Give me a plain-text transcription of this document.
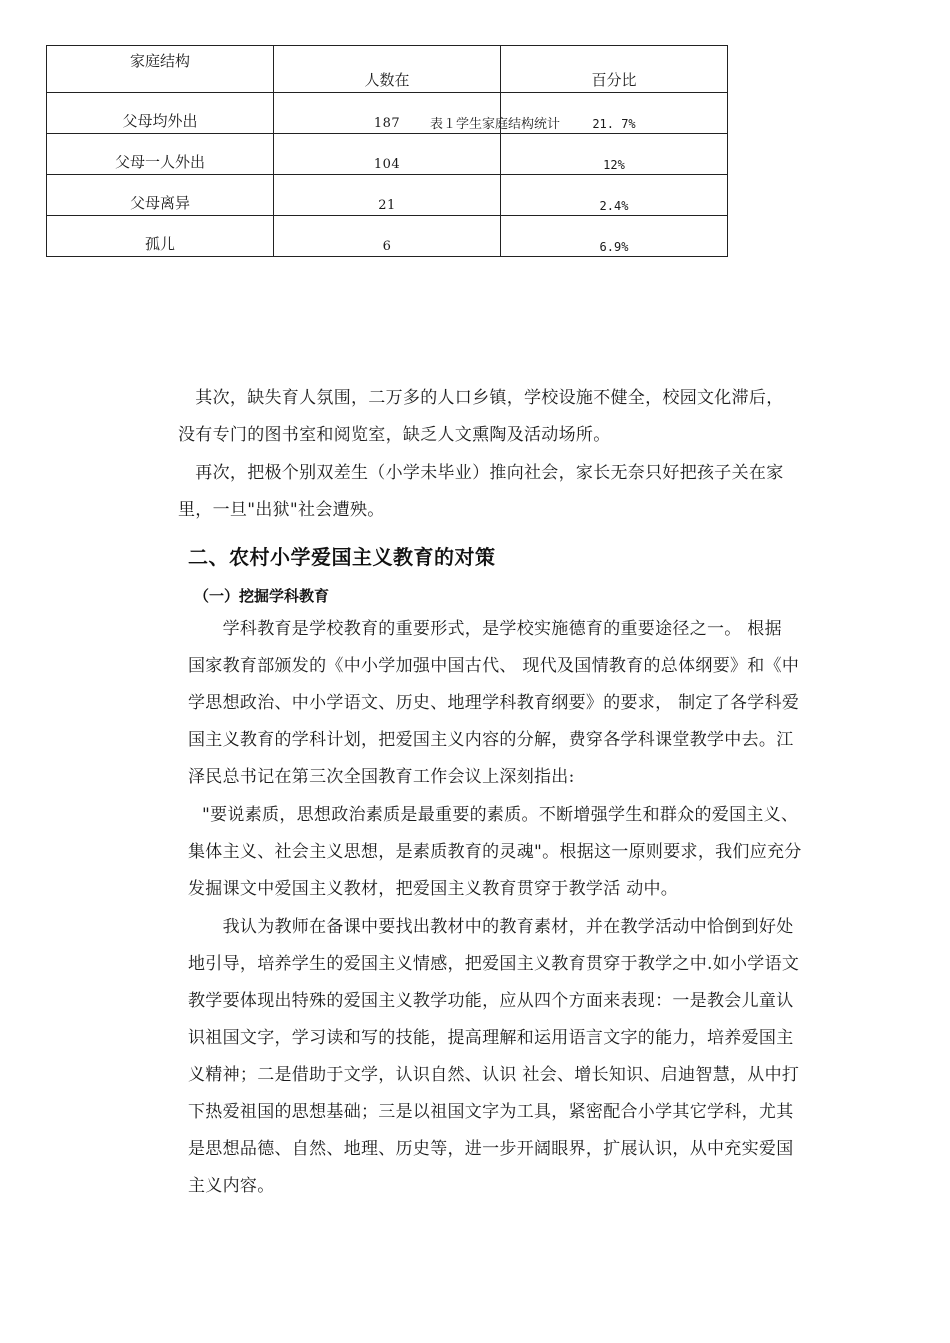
家庭结构	人数在	百分比
父母均外出	187	21. 7%
父母一人外出	104	12%
父母离异	21	2.4%
孤儿	6	6.9%
表１学生家庭结构统计
　其次，缺失育人氛围，二万多的人口乡镇，学校设施不健全，校园文化滞后，
没有专门的图书室和阅览室，缺乏人文熏陶及活动场所。
　再次，把极个别双差生（小学未毕业）推向社会，家长无奈只好把孩子关在家
里，一旦"出狱"社会遭殃。
二、农村小学爱国主义教育的对策
（一）挖掘学科教育
　　学科教育是学校教育的重要形式，是学校实施德育的重要途径之一。 根据
国家教育部颁发的《中小学加强中国古代、 现代及国情教育的总体纲要》和《中
学思想政治、中小学语文、历史、地理学科教育纲要》的要求， 制定了各学科爱
国主义教育的学科计划，把爱国主义内容的分解，费穿各学科课堂教学中去。江
泽民总书记在第三次全国教育工作会议上深刻指出:
"要说素质，思想政治素质是最重要的素质。不断增强学生和群众的爱国主义、
集体主义、社会主义思想，是素质教育的灵魂"。根据这一原则要求，我们应充分
发掘课文中爱国主义教材，把爱国主义教育贯穿于教学活 动中。
　　我认为教师在备课中要找出教材中的教育素材，并在教学活动中恰倒到好处
地引导，培养学生的爱国主义情感，把爱国主义教育贯穿于教学之中.如小学语文
教学要体现出特殊的爱国主义教学功能，应从四个方面来表现：一是教会儿童认
识祖国文字，学习读和写的技能，提高理解和运用语言文字的能力，培养爱国主
义精神；二是借助于文学，认识自然、认识 社会、增长知识、启迪智慧，从中打
下热爱祖国的思想基础；三是以祖国文字为工具，紧密配合小学其它学科，尤其
是思想品德、自然、地理、历史等，进一步开阔眼界，扩展认识，从中充实爱国
主义内容。
